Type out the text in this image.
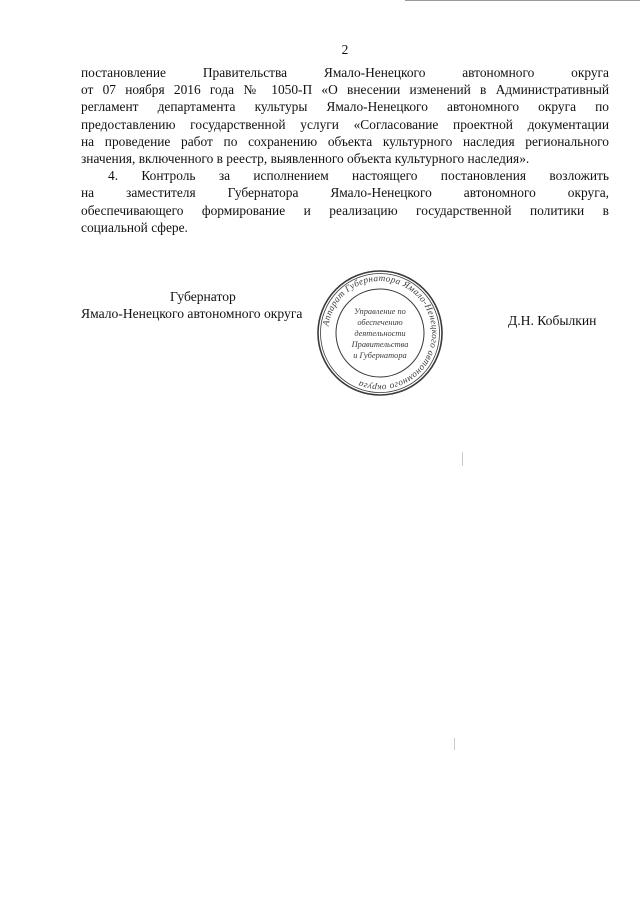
2
постановление Правительства Ямало-Ненецкого автономного округа
от 07 ноября 2016 года № 1050-П «О внесении изменений в Административный
регламент департамента культуры Ямало-Ненецкого автономного округа по
предоставлению государственной услуги «Согласование проектной документации
на проведение работ по сохранению объекта культурного наследия регионального
значения, включенного в реестр, выявленного объекта культурного наследия».
4. Контроль за исполнением настоящего постановления возложить
на заместителя Губернатора Ямало-Ненецкого автономного округа,
обеспечивающего формирование и реализацию государственной политики в
социальной сфере.
Губернатор
Ямало-Ненецкого автономного округа	Д.Н. Кобылкин
Аппарат Губернатора Ямало-Ненецкого автономного округа
Управление по
обеспечению
деятельности
Правительства
и Губернатора
